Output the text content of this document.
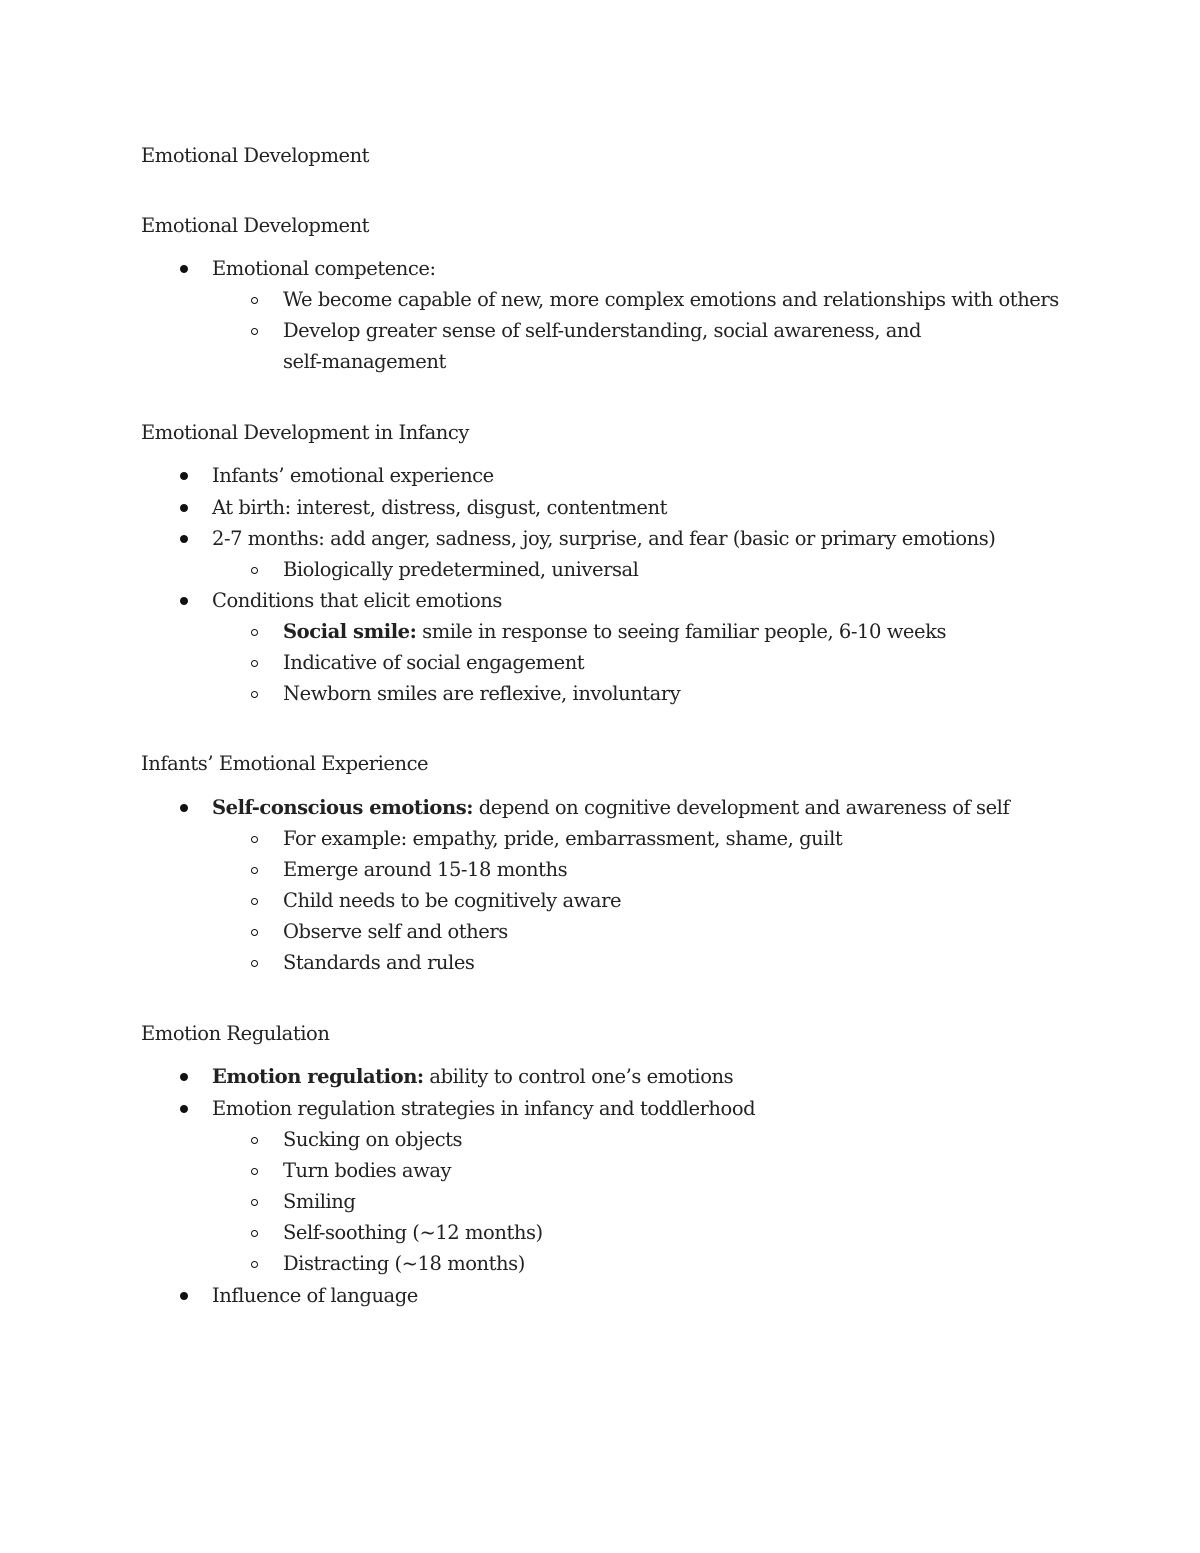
Emotional Development
Emotional Development
Emotional competence:
We become capable of new, more complex emotions and relationships with others
Develop greater sense of self-understanding, social awareness, and
self-management
Emotional Development in Infancy
Infants’ emotional experience
At birth: interest, distress, disgust, contentment
2-7 months: add anger, sadness, joy, surprise, and fear (basic or primary emotions)
Biologically predetermined, universal
Conditions that elicit emotions
Social smile: smile in response to seeing familiar people, 6-10 weeks
Indicative of social engagement
Newborn smiles are reflexive, involuntary
Infants’ Emotional Experience
Self-conscious emotions: depend on cognitive development and awareness of self
For example: empathy, pride, embarrassment, shame, guilt
Emerge around 15-18 months
Child needs to be cognitively aware
Observe self and others
Standards and rules
Emotion Regulation
Emotion regulation: ability to control one’s emotions
Emotion regulation strategies in infancy and toddlerhood
Sucking on objects
Turn bodies away
Smiling
Self-soothing (~12 months)
Distracting (~18 months)
Influence of language
